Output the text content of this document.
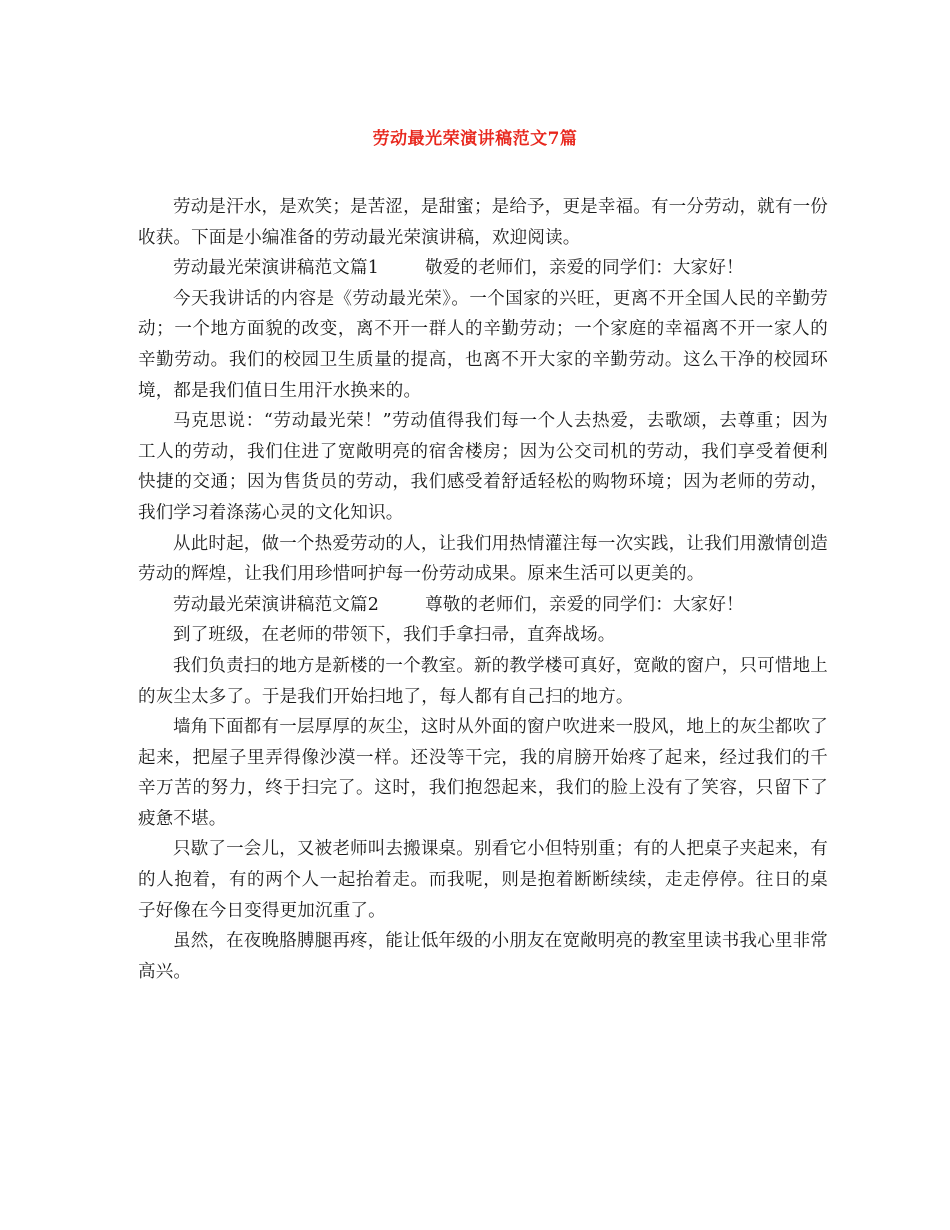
劳动最光荣演讲稿范文7篇

劳动是汗水，是欢笑；是苦涩，是甜蜜；是给予，更是幸福。有一分劳动，就有一份收获。下面是小编准备的劳动最光荣演讲稿，欢迎阅读。

劳动最光荣演讲稿范文篇1        敬爱的老师们，亲爱的同学们：大家好！

今天我讲话的内容是《劳动最光荣》。一个国家的兴旺，更离不开全国人民的辛勤劳动；一个地方面貌的改变，离不开一群人的辛勤劳动；一个家庭的幸福离不开一家人的辛勤劳动。我们的校园卫生质量的提高，也离不开大家的辛勤劳动。这么干净的校园环境，都是我们值日生用汗水换来的。

马克思说：“劳动最光荣！”劳动值得我们每一个人去热爱，去歌颂，去尊重；因为工人的劳动，我们住进了宽敞明亮的宿舍楼房；因为公交司机的劳动，我们享受着便利快捷的交通；因为售货员的劳动，我们感受着舒适轻松的购物环境；因为老师的劳动，我们学习着涤荡心灵的文化知识。

从此时起，做一个热爱劳动的人，让我们用热情灌注每一次实践，让我们用激情创造劳动的辉煌，让我们用珍惜呵护每一份劳动成果。原来生活可以更美的。

劳动最光荣演讲稿范文篇2        尊敬的老师们，亲爱的同学们：大家好！

到了班级，在老师的带领下，我们手拿扫帚，直奔战场。

我们负责扫的地方是新楼的一个教室。新的教学楼可真好，宽敞的窗户，只可惜地上的灰尘太多了。于是我们开始扫地了，每人都有自己扫的地方。

墙角下面都有一层厚厚的灰尘，这时从外面的窗户吹进来一股风，地上的灰尘都吹了起来，把屋子里弄得像沙漠一样。还没等干完，我的肩膀开始疼了起来，经过我们的千辛万苦的努力，终于扫完了。这时，我们抱怨起来，我们的脸上没有了笑容，只留下了疲惫不堪。

只歇了一会儿，又被老师叫去搬课桌。别看它小但特别重；有的人把桌子夹起来，有的人抱着，有的两个人一起抬着走。而我呢，则是抱着断断续续，走走停停。往日的桌子好像在今日变得更加沉重了。

虽然，在夜晚胳膊腿再疼，能让低年级的小朋友在宽敞明亮的教室里读书我心里非常高兴。
